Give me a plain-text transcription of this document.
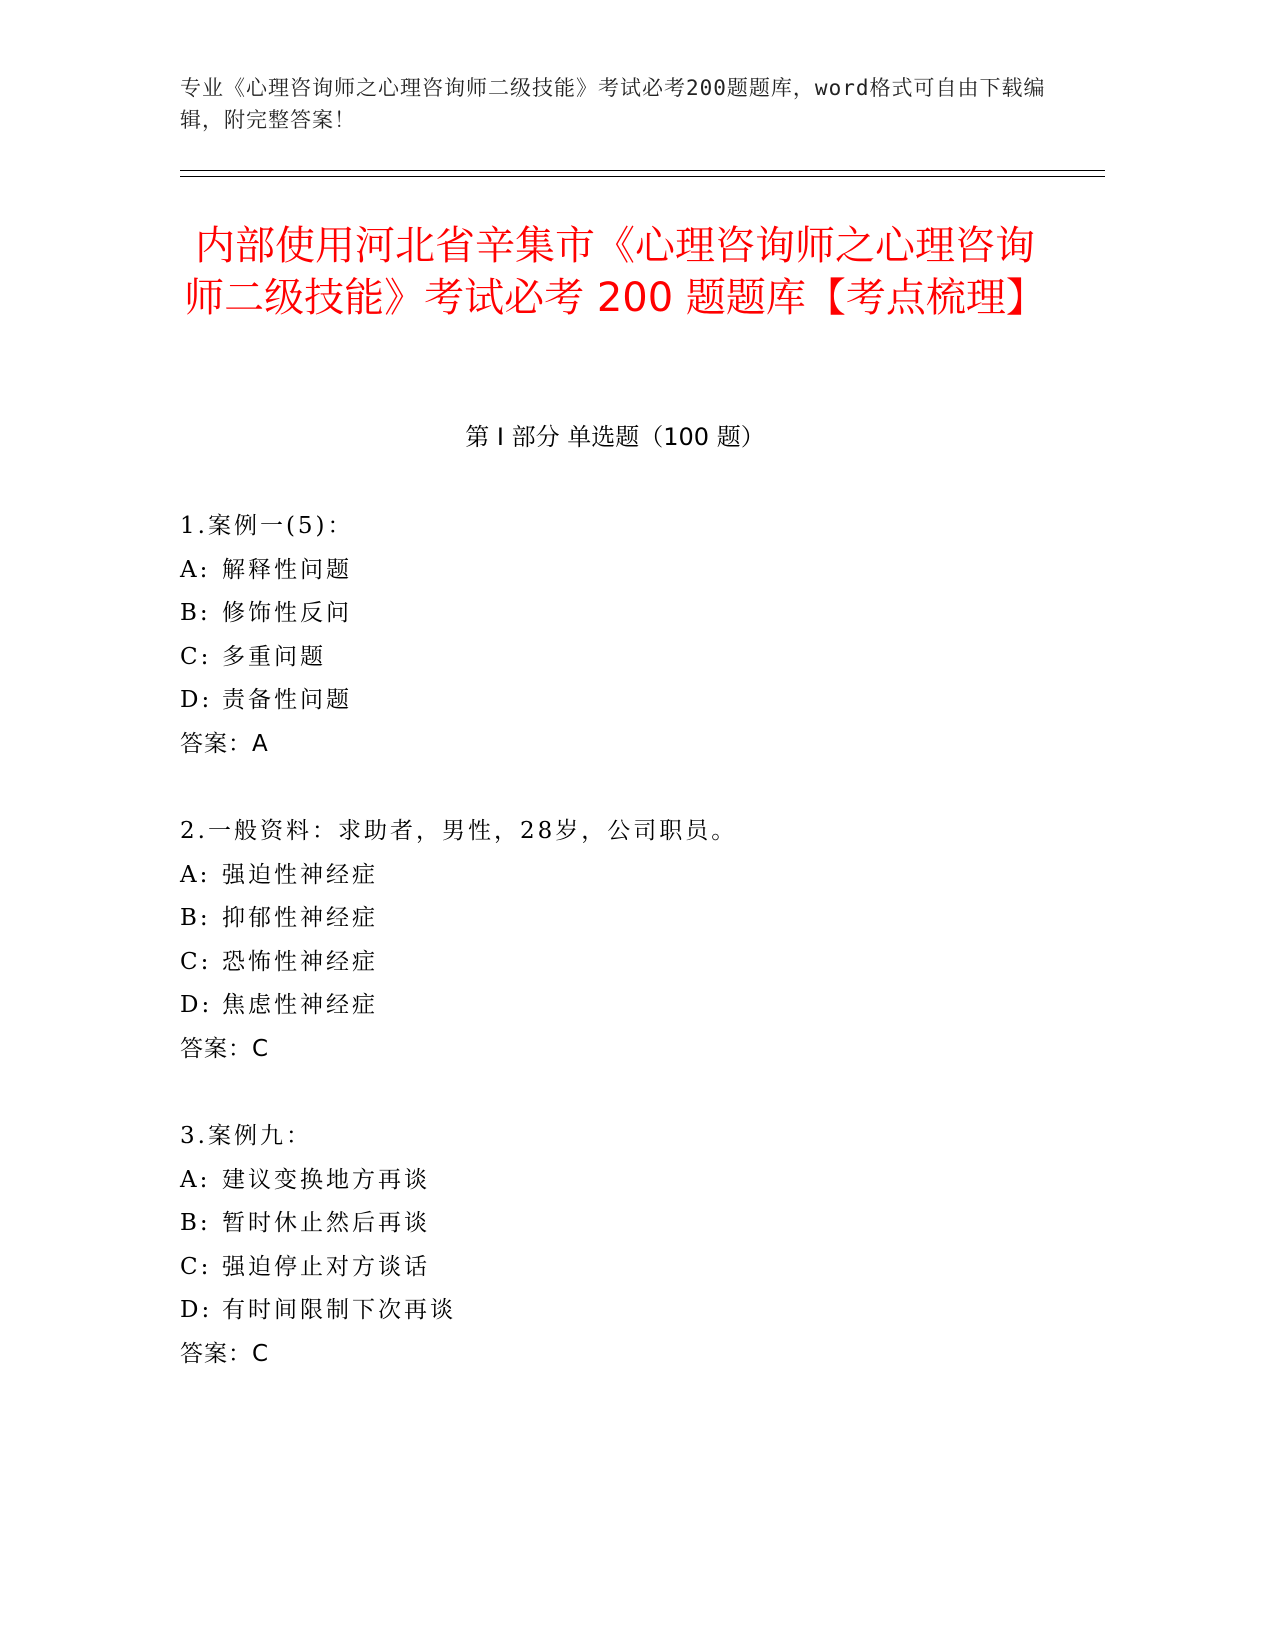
专业《心理咨询师之心理咨询师二级技能》考试必考200题题库，word格式可自由下载编辑，附完整答案！
内部使用河北省辛集市《心理咨询师之心理咨询师二级技能》考试必考 200 题题库【考点梳理】
第 I 部分 单选题（100 题）
1.案例一(5)：
A: 解释性问题
B: 修饰性反问
C: 多重问题
D: 责备性问题
答案：A
2.一般资料：求助者，男性，28岁，公司职员。
A: 强迫性神经症
B: 抑郁性神经症
C: 恐怖性神经症
D: 焦虑性神经症
答案：C
3.案例九：
A: 建议变换地方再谈
B: 暂时休止然后再谈
C: 强迫停止对方谈话
D: 有时间限制下次再谈
答案：C
